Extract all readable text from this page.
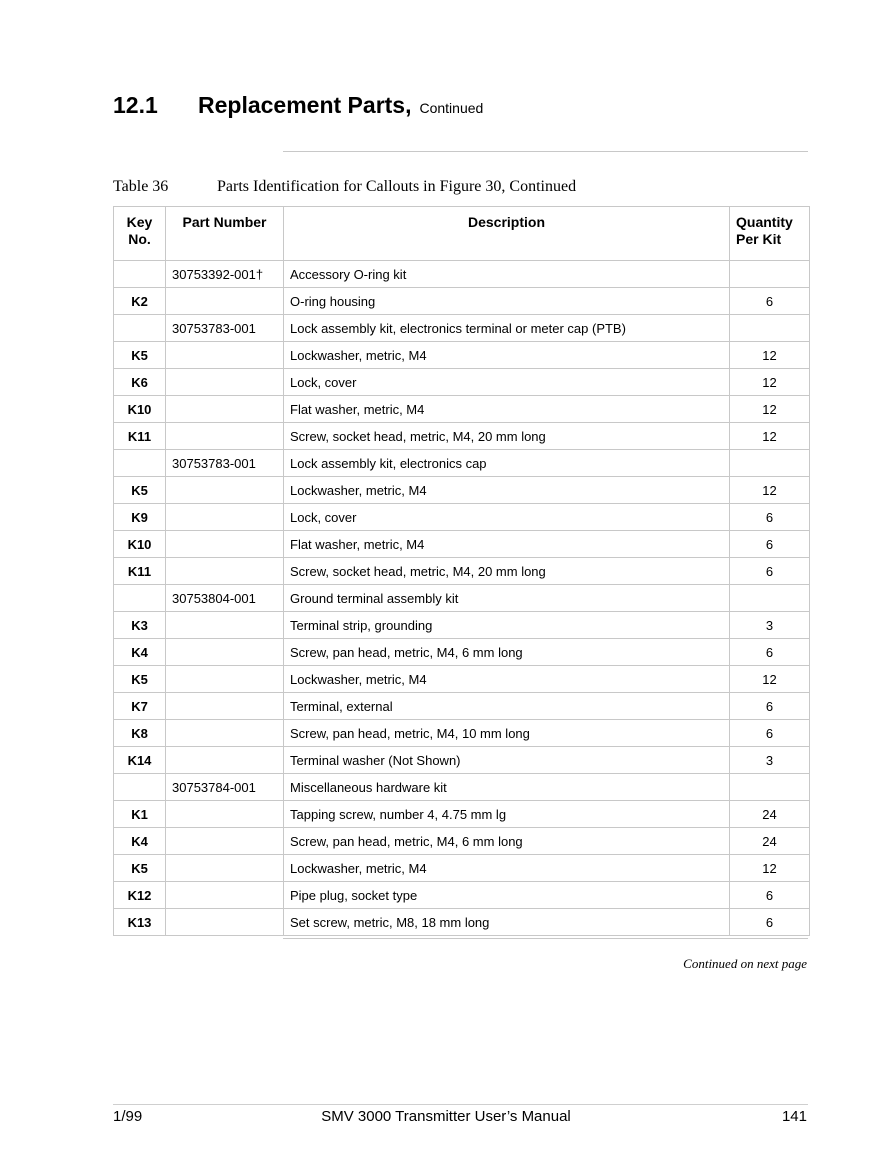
12.1 Replacement Parts, Continued
Table 36	Parts Identification for Callouts in Figure 30, Continued
Key No.	Part Number	Description	Quantity Per Kit
	30753392-001†	Accessory O-ring kit	
K2		O-ring housing	6
	30753783-001	Lock assembly kit, electronics terminal or meter cap (PTB)	
K5		Lockwasher, metric, M4	12
K6		Lock, cover	12
K10		Flat washer, metric, M4	12
K11		Screw, socket head, metric, M4, 20 mm long	12
	30753783-001	Lock assembly kit, electronics cap	
K5		Lockwasher, metric, M4	12
K9		Lock, cover	6
K10		Flat washer, metric, M4	6
K11		Screw, socket head, metric, M4, 20 mm long	6
	30753804-001	Ground terminal assembly kit	
K3		Terminal strip, grounding	3
K4		Screw, pan head, metric, M4, 6 mm long	6
K5		Lockwasher, metric, M4	12
K7		Terminal, external	6
K8		Screw, pan head, metric, M4, 10 mm long	6
K14		Terminal washer (Not Shown)	3
	30753784-001	Miscellaneous hardware kit	
K1		Tapping screw, number 4, 4.75 mm lg	24
K4		Screw, pan head, metric, M4, 6 mm long	24
K5		Lockwasher, metric, M4	12
K12		Pipe plug, socket type	6
K13		Set screw, metric, M8, 18 mm long	6
Continued on next page
1/99	SMV 3000 Transmitter User’s Manual	141
